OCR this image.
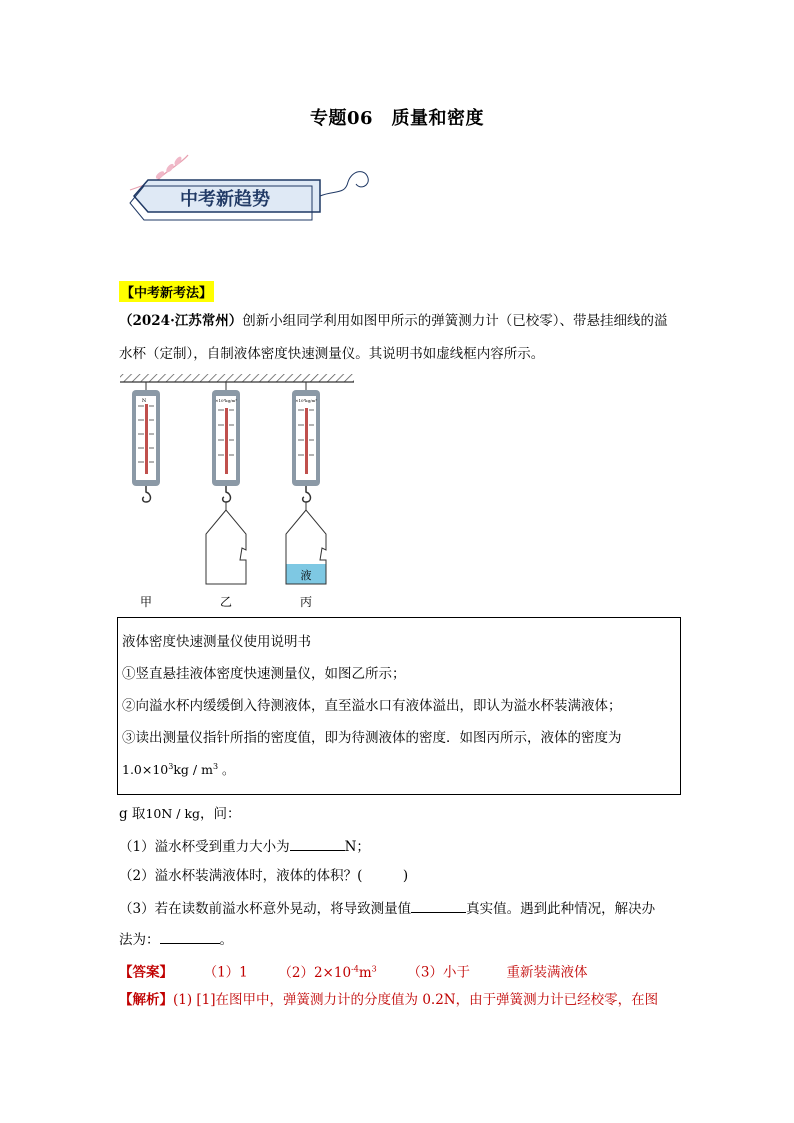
专题06　质量和密度
中考新趋势
【中考新考法】
（2024·江苏常州）创新小组同学利用如图甲所示的弹簧测力计（已校零）、带悬挂细线的溢
水杯（定制），自制液体密度快速测量仪。其说明书如虚线框内容所示。
N	×10³kg/m³	×10³kg/m³
液
甲	乙	丙
液体密度快速测量仪使用说明书
①竖直悬挂液体密度快速测量仪，如图乙所示；
②向溢水杯内缓缓倒入待测液体，直至溢水口有液体溢出，即认为溢水杯装满液体；
③读出测量仪指针所指的密度值，即为待测液体的密度．如图丙所示，液体的密度为
$1.0\times 10^3kg / m^3$ 。
g 取10N / kg，问：
（1）溢水杯受到重力大小为	N；
（2）溢水杯装满液体时，液体的体积？(　　　)
（3）若在读数前溢水杯意外晃动，将导致测量值	真实值。遇到此种情况，解决办
法为：	。
【答案】 （1）1 $(2)2\times 10^{-4}m^3$ （3）小于	重新装满液体
【解析】(1) [1]在图甲中，弹簧测力计的分度值为 0.2N，由于弹簧测力计已经校零，在图
